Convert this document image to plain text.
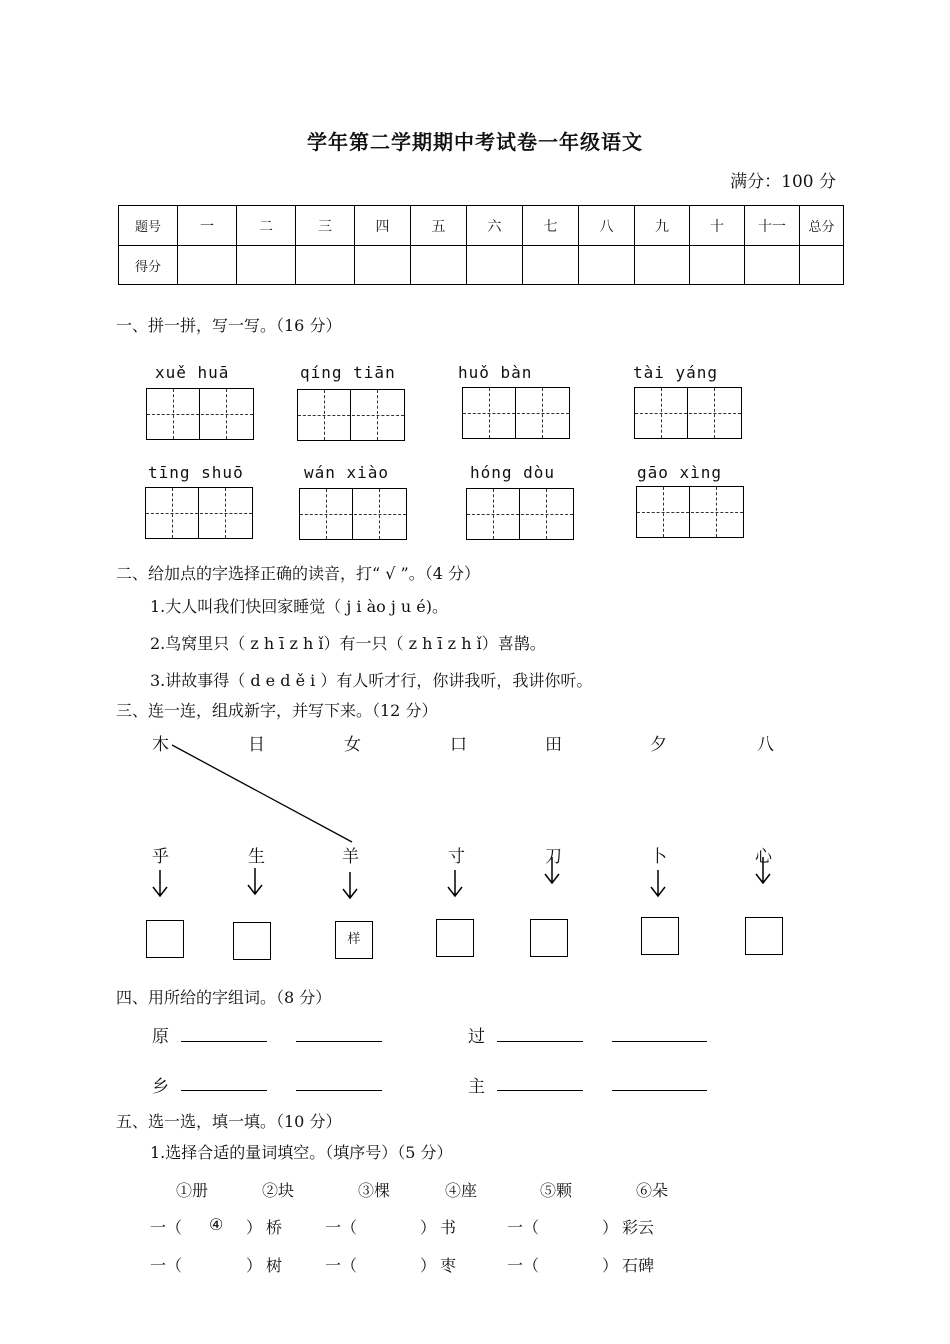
学年第二学期期中考试卷一年级语文
满分：100 分
题号	一	二	三	四	五	六	七	八	九	十	十一	总分
得分												
一、拼一拼，写一写。（16 分）
xuě huā	qíng tiān	huǒ bàn	tài yáng
tīng shuō	wán xiào	hóng dòu	gāo xìng
二、给加点的字选择正确的读音，打“ √ ”。（4 分）
1.大人叫我们快回家睡觉（ j i ào j u é)。
2.鸟窝里只（ z h ī z h ǐ）有一只（ z h ī z h ǐ）喜鹊。
3.讲故事得（ d e d ě i ）有人听才行，你讲我听，我讲你听。
三、连一连，组成新字，并写下来。（12 分）
木	日	女	口	田	夕	八
乎	生	羊	寸	刀	卜	心
样
四、用所给的字组词。（8 分）
原	过
乡	主
五、选一选，填一填。（10 分）
1.选择合适的量词填空。（填序号）（5 分）
①册	②块	③棵	④座	⑤颗	⑥朵
一（ ④ ） 桥	一（	） 书	一（	） 彩云
一（	） 树	一（	） 枣	一（	） 石碑
